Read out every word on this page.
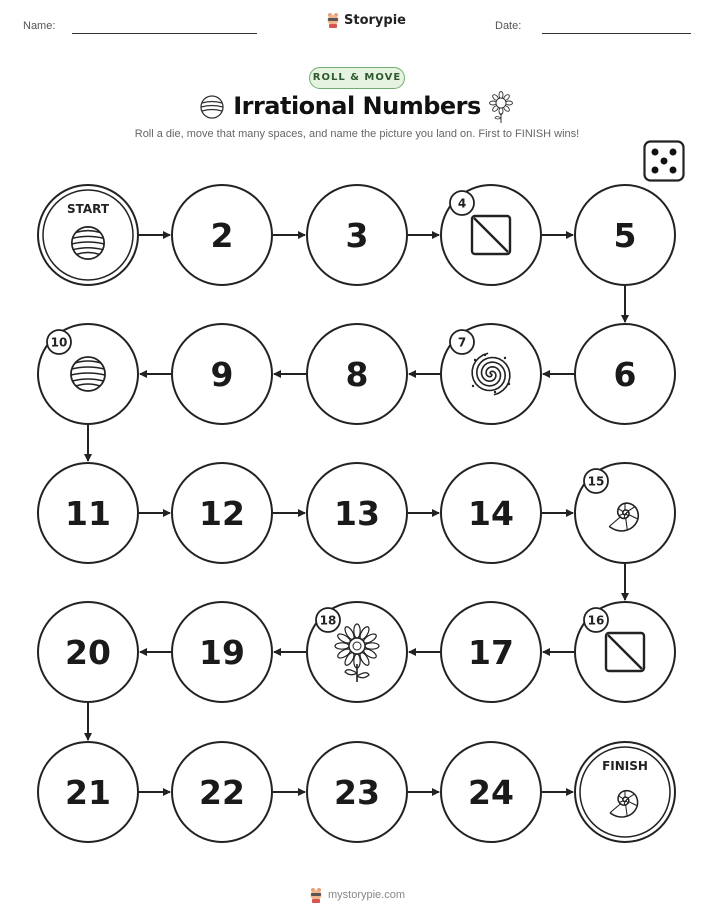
Name:	Storypie	Date:
ROLL & MOVE
Irrational Numbers
Roll a die, move that many spaces, and name the picture you land on. First to FINISH wins!
START
2	3
4
5
6
7
8
9
10
11	12	13	14
15
16
17
18
19
20
21	22	23	24
FINISH
mystorypie.com
